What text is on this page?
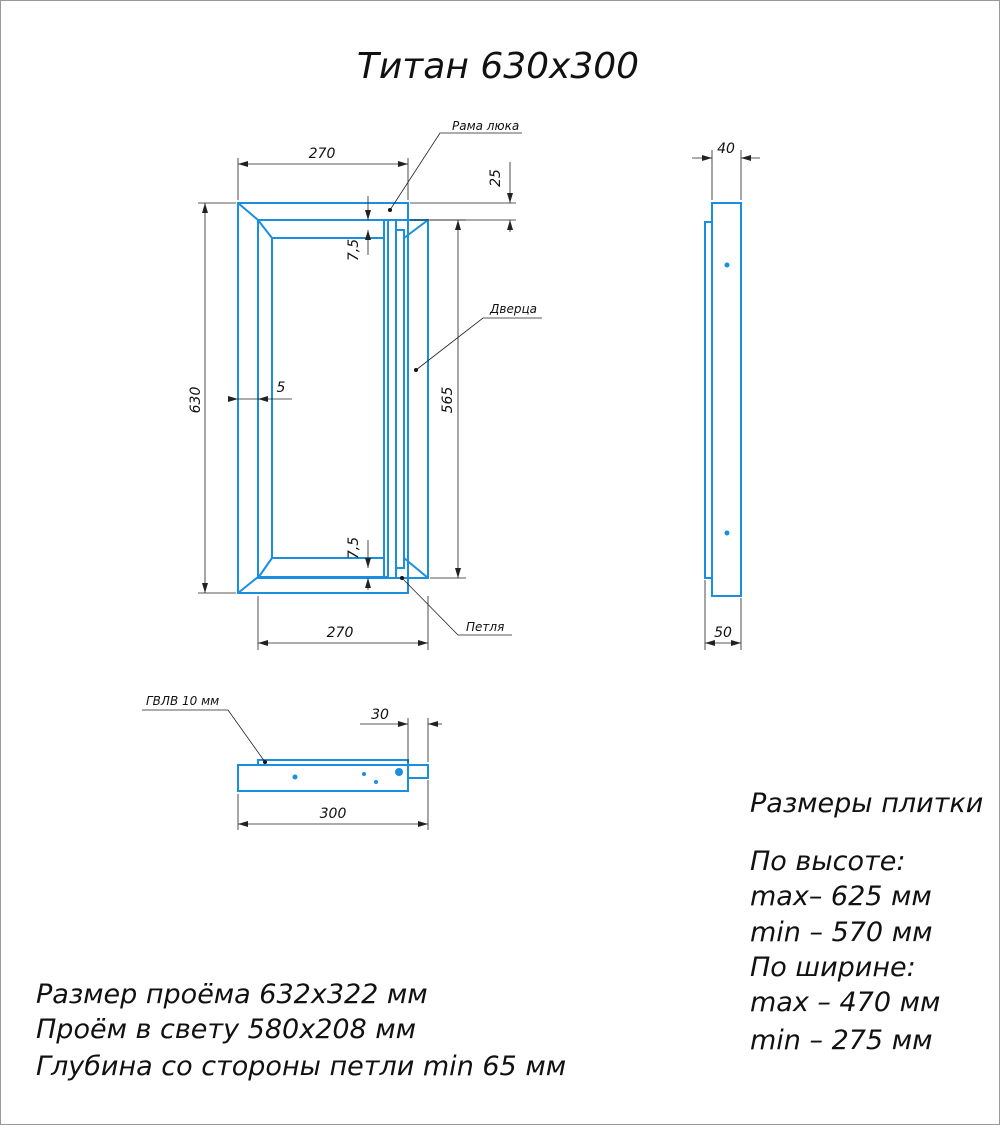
Титан 630х300
270
630	565
270
25
7,5
7,5
5
Рама люка
Дверца
Петля
40
50
30
300
ГВЛВ 10 мм
Размеры плитки
По высоте:
max– 625 мм
min – 570 мм
По ширине:
max – 470 мм
min – 275 мм
Размер проёма 632х322 мм
Проём в свету 580х208 мм
Глубина со стороны петли min 65 мм
